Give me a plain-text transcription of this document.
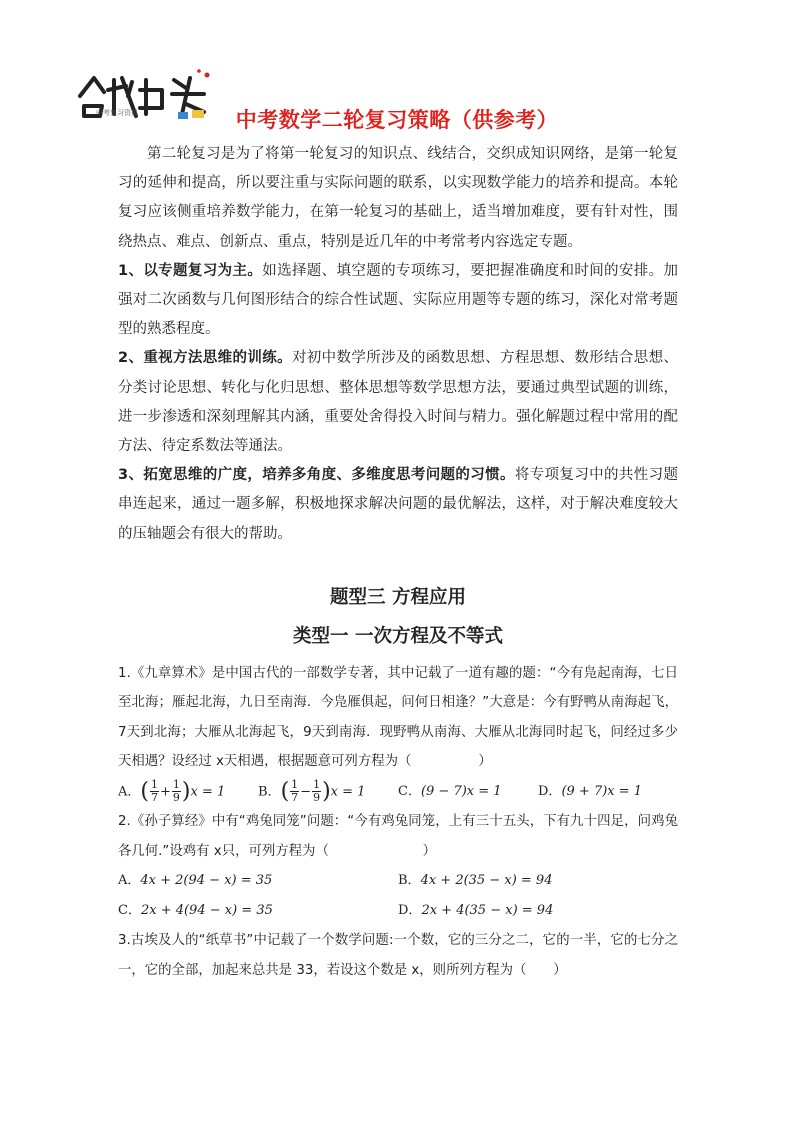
中考复习资料	中考数学二轮复习策略（供参考）

第二轮复习是为了将第一轮复习的知识点、线结合，交织成知识网络，是第一轮复习的延伸和提高，所以要注重与实际问题的联系，以实现数学能力的培养和提高。本轮复习应该侧重培养数学能力，在第一轮复习的基础上，适当增加难度，要有针对性，围绕热点、难点、创新点、重点，特别是近几年的中考常考内容选定专题。

1、以专题复习为主。如选择题、填空题的专项练习，要把握准确度和时间的安排。加强对二次函数与几何图形结合的综合性试题、实际应用题等专题的练习，深化对常考题型的熟悉程度。

2、重视方法思维的训练。对初中数学所涉及的函数思想、方程思想、数形结合思想、分类讨论思想、转化与化归思想、整体思想等数学思想方法，要通过典型试题的训练，进一步渗透和深刻理解其内涵，重要处舍得投入时间与精力。强化解题过程中常用的配方法、待定系数法等通法。

3、拓宽思维的广度，培养多角度、多维度思考问题的习惯。将专项复习中的共性习题串连起来，通过一题多解，积极地探求解决问题的最优解法，这样，对于解决难度较大的压轴题会有很大的帮助。

题型三 方程应用

类型一 一次方程及不等式

1.《九章算术》是中国古代的一部数学专著，其中记载了一道有趣的题：“今有凫起南海，七日至北海；雁起北海，九日至南海．今凫雁俱起，问何日相逢？”大意是：今有野鸭从南海起飞，7天到北海；大雁从北海起飞，9天到南海．现野鸭从南海、大雁从北海同时起飞，问经过多少天相遇？设经过 x天相遇，根据题意可列方程为（　　　　　）

A．( $\frac{1}{7} + \frac{1}{9} )x = 1$	B．( $\frac{1}{7} - \frac{1}{9} )x = 1$	C．(9 − 7)x = 1	D．(9 + 7)x = 1

2.《孙子算经》中有“鸡兔同笼”问题：“今有鸡兔同笼，上有三十五头，下有九十四足，问鸡兔各几何.”设鸡有 x只，可列方程为（　　　　　　　）

A．4x + 2(94 − x) = 35	B．4x + 2(35 − x) = 94
C．2x + 4(94 − x) = 35	D．2x + 4(35 − x) = 94

3.古埃及人的“纸草书”中记载了一个数学问题:一个数，它的三分之二，它的一半，它的七分之一，它的全部，加起来总共是 33，若设这个数是 x，则所列方程为（　　）
